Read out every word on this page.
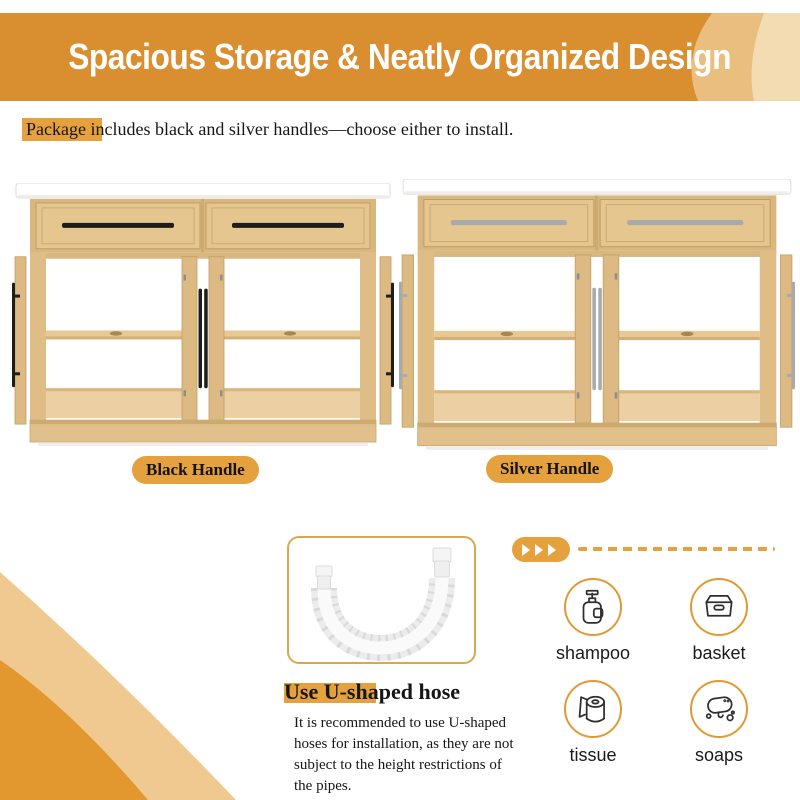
Spacious Storage & Neatly Organized Design

Package includes black and silver handles—choose either to install.

Black Handle	Silver Handle
shampoo	basket
tissue	soaps
Use U-shaped hose

It is recommended to use U-shaped hoses for installation, as they are not subject to the height restrictions of the pipes.
